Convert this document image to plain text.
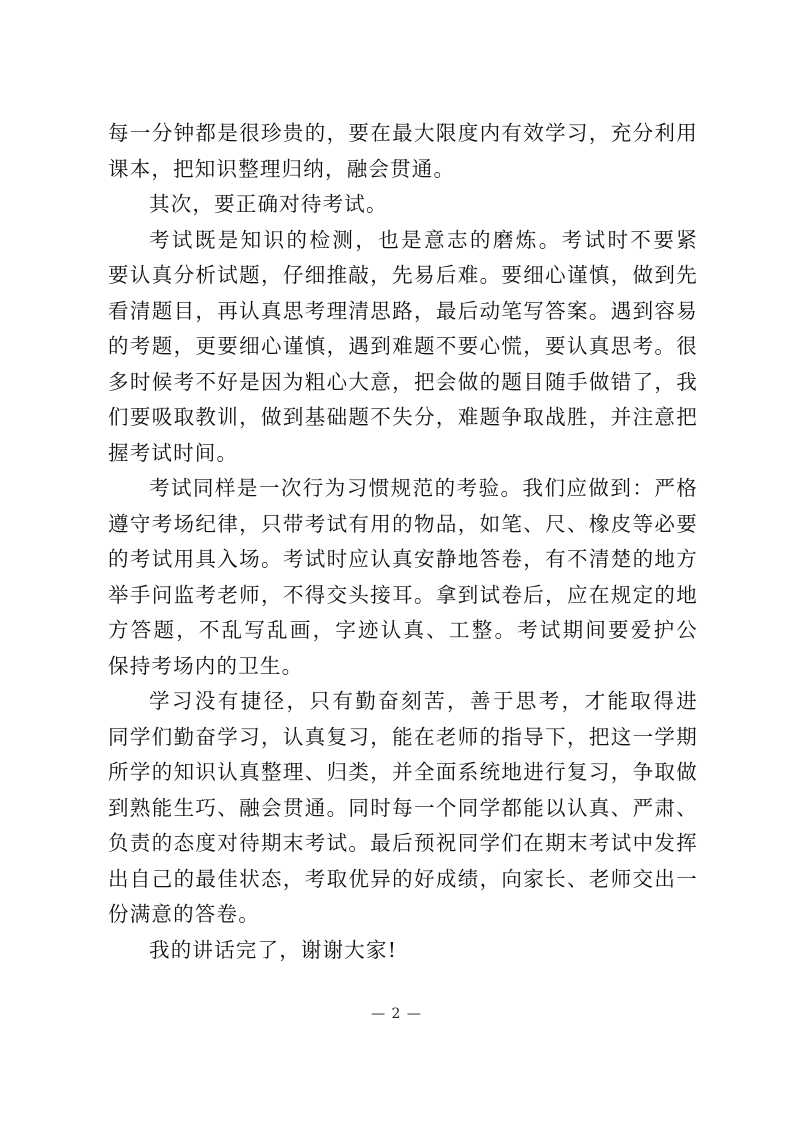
每一分钟都是很珍贵的，要在最大限度内有效学习，充分利用
课本，把知识整理归纳，融会贯通。
其次，要正确对待考试。
考试既是知识的检测，也是意志的磨炼。考试时不要紧
要认真分析试题，仔细推敲，先易后难。要细心谨慎，做到先
看清题目，再认真思考理清思路，最后动笔写答案。遇到容易
的考题，更要细心谨慎，遇到难题不要心慌，要认真思考。很
多时候考不好是因为粗心大意，把会做的题目随手做错了，我
们要吸取教训，做到基础题不失分，难题争取战胜，并注意把
握考试时间。
考试同样是一次行为习惯规范的考验。我们应做到：严格
遵守考场纪律，只带考试有用的物品，如笔、尺、橡皮等必要
的考试用具入场。考试时应认真安静地答卷，有不清楚的地方
举手问监考老师，不得交头接耳。拿到试卷后，应在规定的地
方答题，不乱写乱画，字迹认真、工整。考试期间要爱护公
保持考场内的卫生。
学习没有捷径，只有勤奋刻苦，善于思考，才能取得进
同学们勤奋学习，认真复习，能在老师的指导下，把这一学期
所学的知识认真整理、归类，并全面系统地进行复习，争取做
到熟能生巧、融会贯通。同时每一个同学都能以认真、严肃、
负责的态度对待期末考试。最后预祝同学们在期末考试中发挥
出自己的最佳状态，考取优异的好成绩，向家长、老师交出一
份满意的答卷。
我的讲话完了，谢谢大家!
— 2 —
